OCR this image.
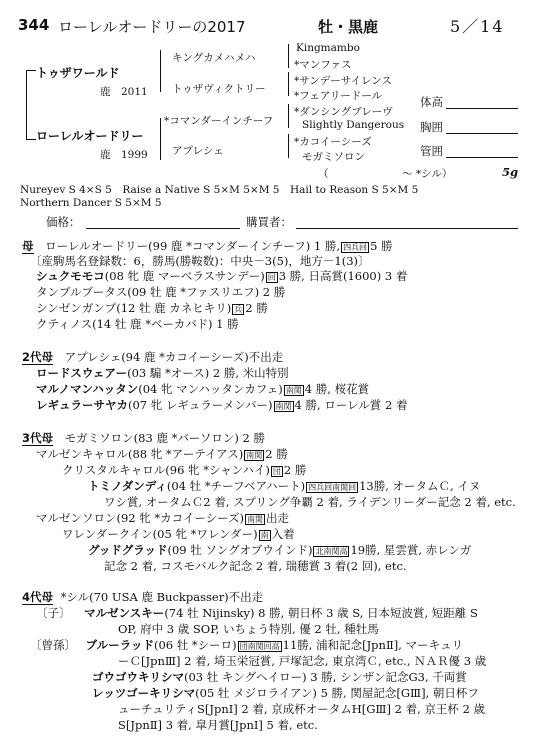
344 ローレルオードリーの2017	牡・黒鹿	5／14
トゥザワールド
鹿　2011
ローレルオードリー
鹿　1999
キングカメハメハ
トゥザヴィクトリー
*コマンダーインチーフ
アプレシェ
Kingmambo
*マンファス
*サンデーサイレンス
*フェアリードール
*ダンシングブレーヴ
Slightly Dangerous
*カコイーシーズ
モガミソロン
（　　　　　　　～ *シル）	5g
体高
胸囲
管囲
Nureyev S 4×S 5　Raise a Native S 5×M 5×M 5　Hail to Reason S 5×M 5
Northern Dancer S 5×M 5
価格：	購買者：
母 ローレルオードリー(99 鹿 *コマンダーインチーフ) 1 勝, 四兵回 5 勝
〔産駒馬名登録数：6，勝馬(勝鞍数)：中央－3(5)，地方－1(3)〕
シュクモモコ(08 牝 鹿 マーベラスサンデー) 回 3 勝, 日高賞(1600) 3 着
タンブルブータス(09 牡 鹿 *ファスリエフ) 2 勝
シンゼンガンプ(12 牡 鹿 カネヒキリ) 兵 2 勝
クティノス(14 牡 鹿 *ベーカバド) 1 勝
2代母 アプレシェ(94 鹿 *カコイーシーズ)不出走
ロードスウェアー(03 騸 *オース) 2 勝, 米山特別
マルノマンハッタン(04 牝 マンハッタンカフェ) 南関 4 勝, 桜花賞
レギュラーサヤカ(07 牝 レギュラーメンバー) 南関 4 勝, ローレル賞 2 着
3代母 モガミソロン(83 鹿 *バーソロン) 2 勝
マルゼンキャロル(88 牝 *アーテイアス) 南関 2 勝
クリスタルキャロル(96 牝 *シャンハイ) 団 2 勝
トミノダンディ(04 牡 *チーフベアハート) 四兵回南関回 13勝, オータムＣ, イヌ
ワシ賞, オータムＣ2 着, スプリング争覇 2 着, ライデンリーダー記念 2 着, etc.
マルゼンソロン(92 牝 *カコイーシーズ) 南関 出走
ワレンダークイン(05 牝 *ワレンダー) 南 入着
グッドグラッド(09 牡 ソングオブウインド) 北南関高 19勝, 星雲賞, 赤レンガ
記念 2 着, コスモバルク記念 2 着, 瑞穂賞 3 着(2 回), etc.
4代母 *シル(70 USA 鹿 Buckpasser)不出走
〔子〕 マルゼンスキー(74 牡 Nijinsky) 8 勝, 朝日杯 3 歳 S, 日本短波賞, 短距離 S
OP, 府中 3 歳 SOP, いちょう特別, 優 2 牡, 種牡馬
〔曾孫〕 ブルーラッド(06 牡 *シーロ) 団南関回高 11勝, 浦和記念[JpnⅡ], マーキュリ
ーＣ[JpnⅢ] 2 着, 埼玉栄冠賞, 戸塚記念, 東京湾Ｃ, etc., ＮＡＲ優 3 歳
ゴウゴウキリシマ(03 牡 キングヘイロー) 3 勝, シンザン記念G3, 千両賞
レッツゴーキリシマ(05 牡 メジロライアン) 5 勝, 関屋記念[GⅢ], 朝日杯フ
ューチュリティS[JpnⅠ] 2 着, 京成杯オータムH[GⅢ] 2 着, 京王杯 2 歳
S[JpnⅡ] 3 着, 皐月賞[JpnⅠ] 5 着, etc.
